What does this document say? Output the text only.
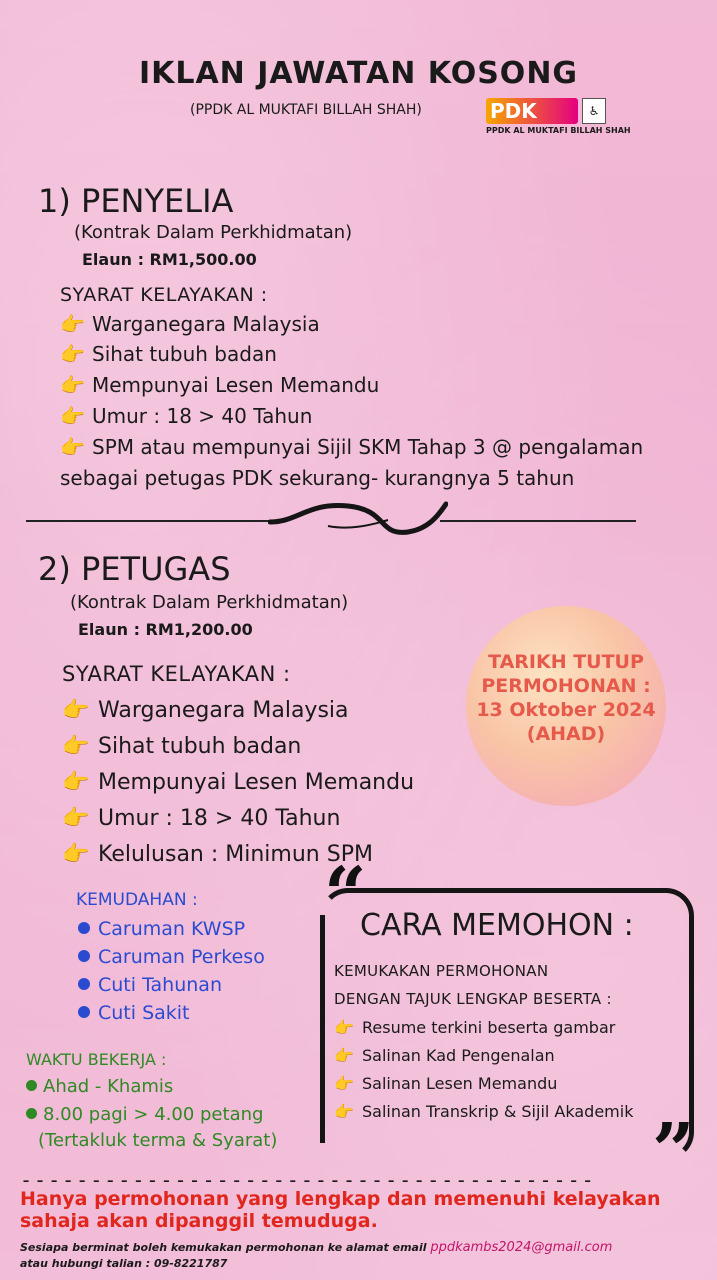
IKLAN JAWATAN KOSONG
(PPDK AL MUKTAFI BILLAH SHAH)	PDK	♿
PPDK AL MUKTAFI BILLAH SHAH
1) PENYELIA
(Kontrak Dalam Perkhidmatan)
Elaun : RM1,500.00
SYARAT KELAYAKAN :
👉 Warganegara Malaysia
👉 Sihat tubuh badan
👉 Mempunyai Lesen Memandu
👉 Umur : 18 > 40 Tahun
👉 SPM atau mempunyai Sijil SKM Tahap 3 @ pengalaman
sebagai petugas PDK sekurang- kurangnya 5 tahun
2) PETUGAS
(Kontrak Dalam Perkhidmatan)
Elaun : RM1,200.00
SYARAT KELAYAKAN :
👉 Warganegara Malaysia
👉 Sihat tubuh badan
👉 Mempunyai Lesen Memandu
👉 Umur : 18 > 40 Tahun
👉 Kelulusan : Minimun SPM
TARIKH TUTUP
PERMOHONAN :
13 Oktober 2024
(AHAD)
KEMUDAHAN :
Caruman KWSP
Caruman Perkeso
Cuti Tahunan
Cuti Sakit
WAKTU BEKERJA :
Ahad - Khamis
8.00 pagi > 4.00 petang
(Tertakluk terma & Syarat)
“
”
CARA MEMOHON :
KEMUKAKAN PERMOHONAN
DENGAN TAJUK LENGKAP BESERTA :
👉 Resume terkini beserta gambar
👉 Salinan Kad Pengenalan
👉 Salinan Lesen Memandu
👉 Salinan Transkrip & Sijil Akademik
-----------------------------------------
Hanya permohonan yang lengkap dan memenuhi kelayakan sahaja akan dipanggil temuduga.
Sesiapa berminat boleh kemukakan permohonan ke alamat email ppdkambs2024@gmail.com
atau hubungi talian : 09-8221787
